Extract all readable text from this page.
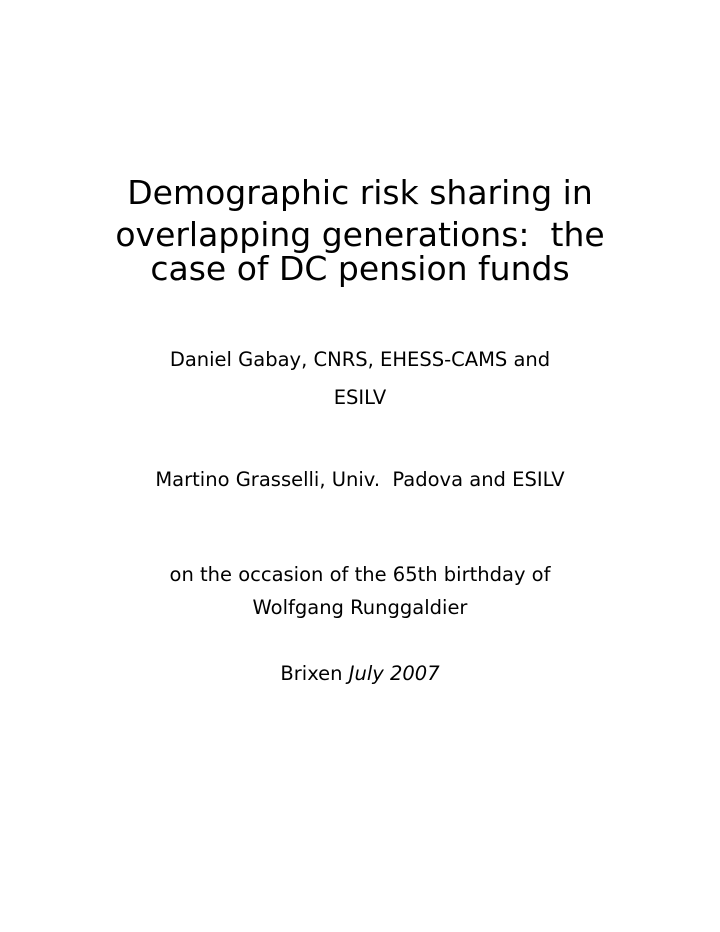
Demographic risk sharing in
overlapping generations:  the
case of DC pension funds
Daniel Gabay, CNRS, EHESS-CAMS and
ESILV
Martino Grasselli, Univ.  Padova and ESILV
on the occasion of the 65th birthday of
Wolfgang Runggaldier
Brixen July 2007
